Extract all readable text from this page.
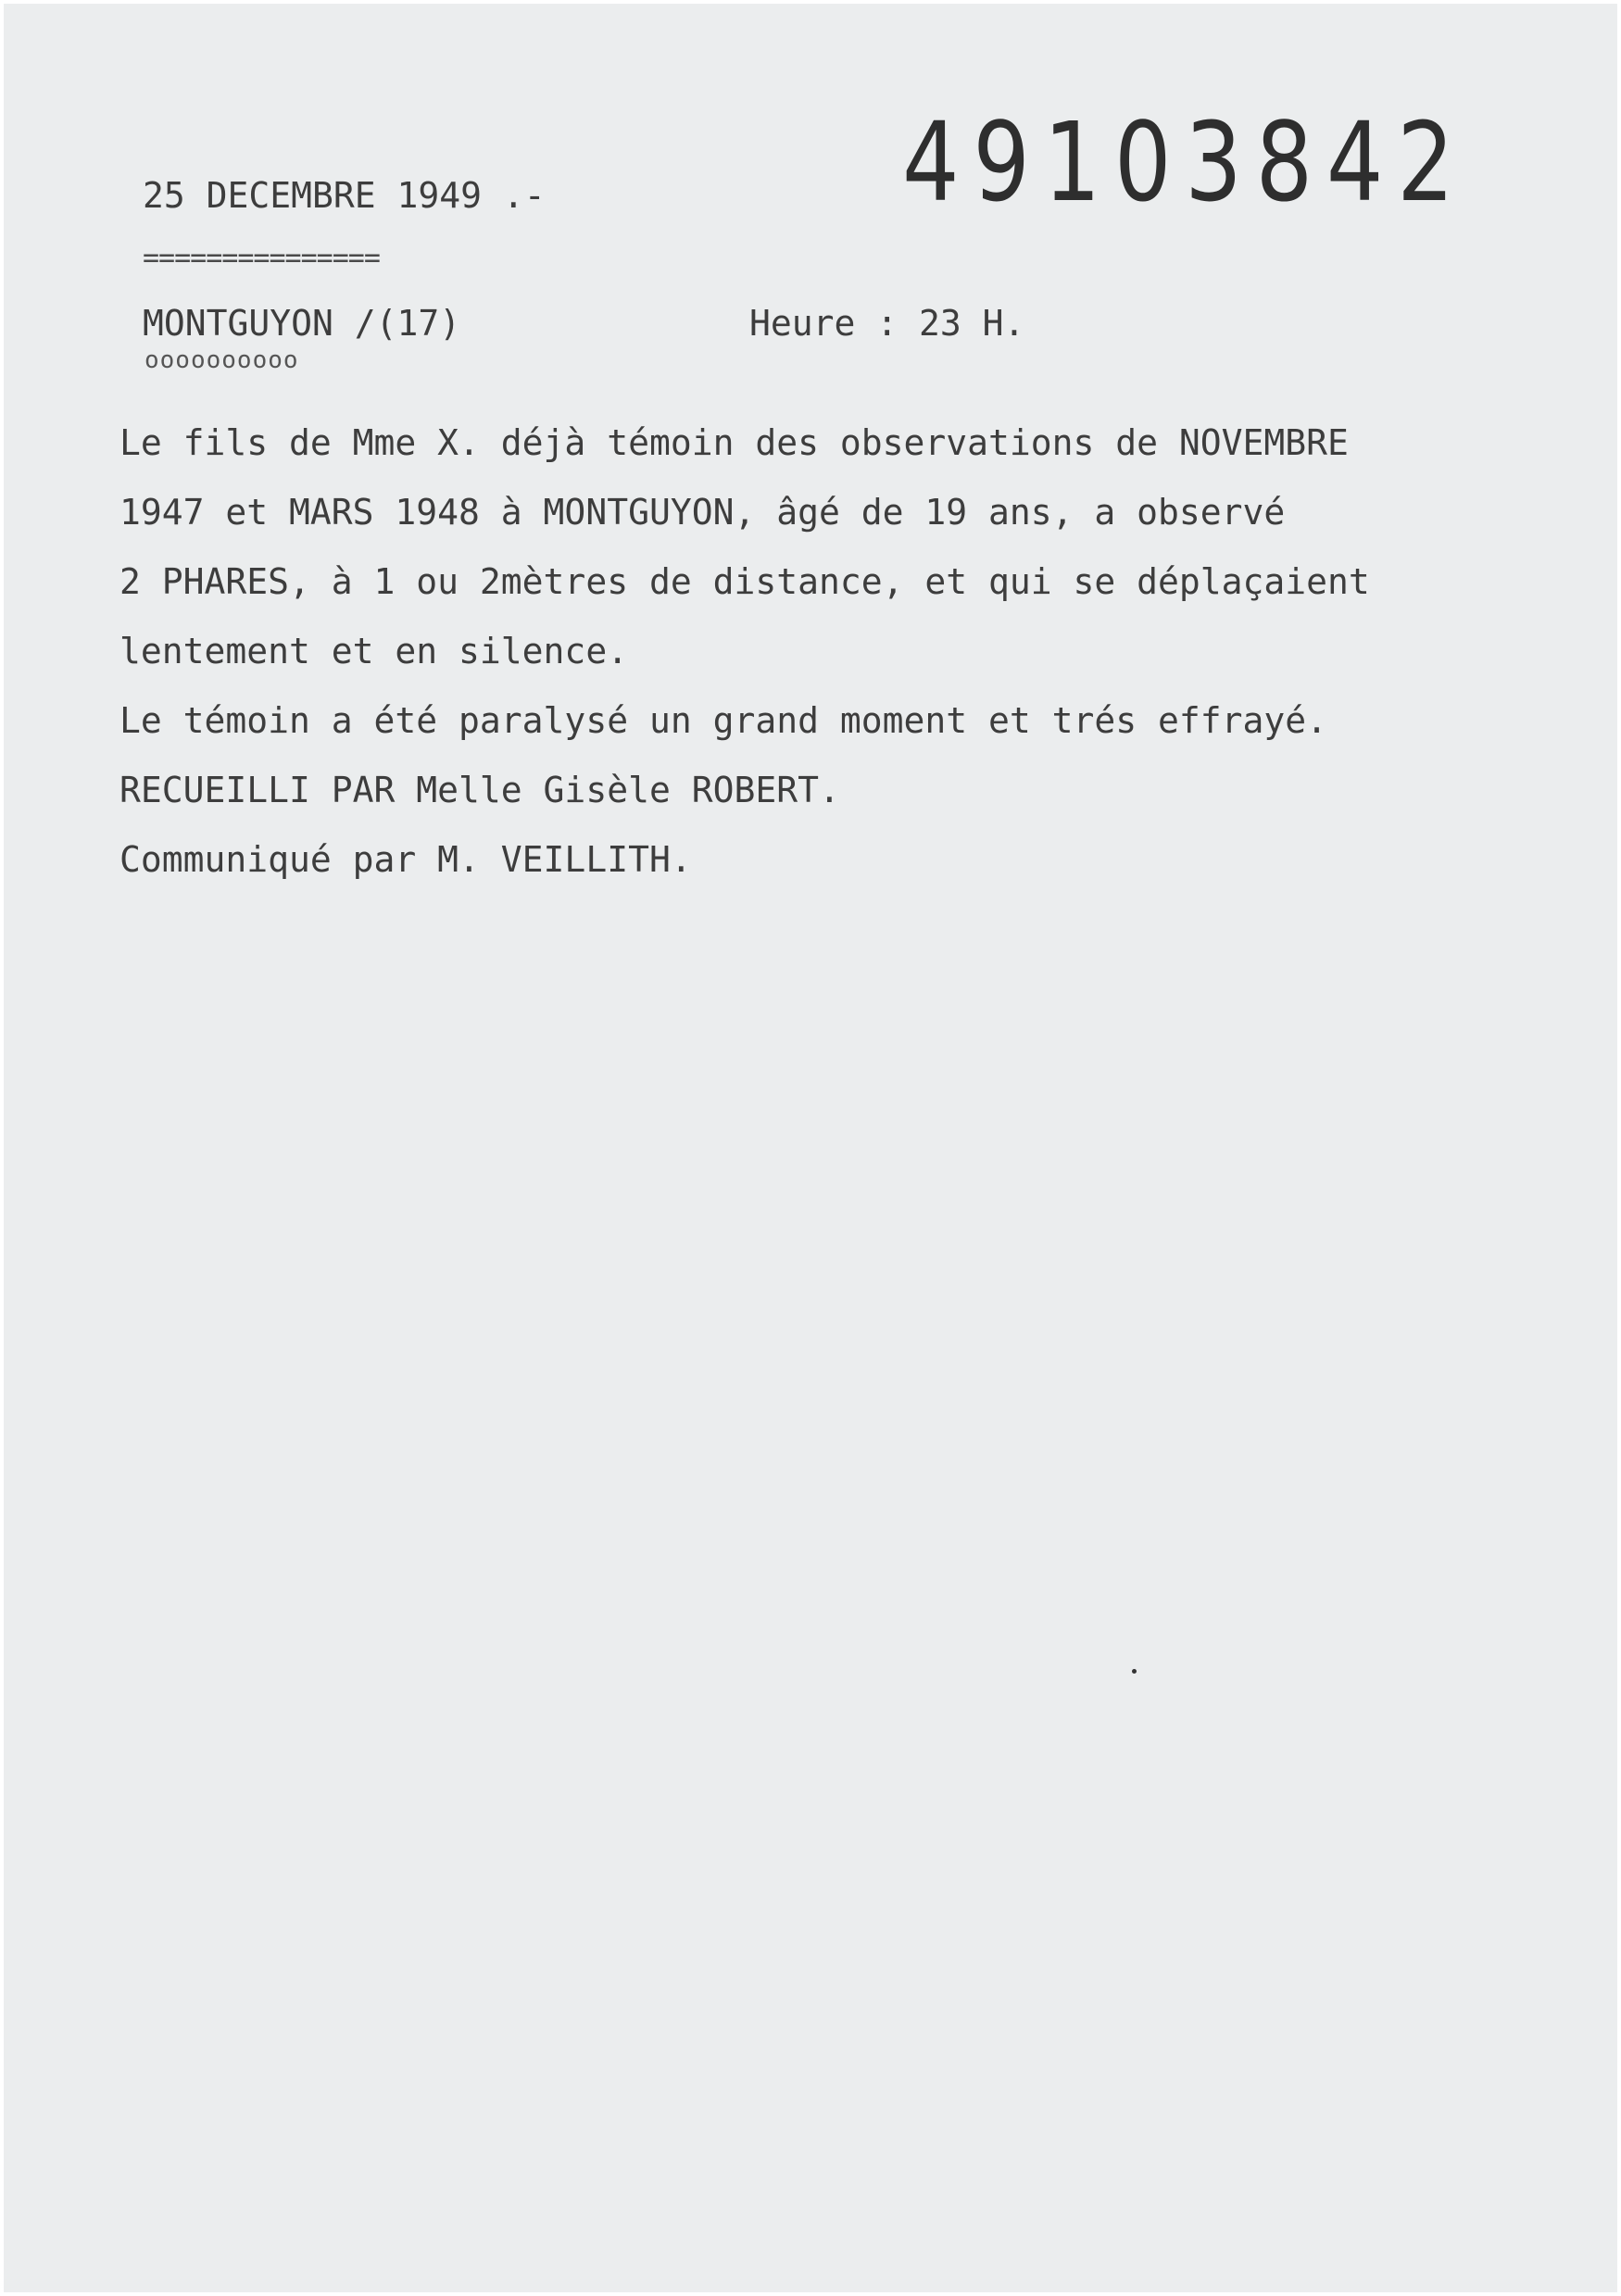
49103842
25 DECEMBRE 1949 .-
===============
MONTGUYON /(17)	Heure : 23 H.
oooooooooo
Le fils de Mme X. déjà témoin des observations de NOVEMBRE
1947 et MARS 1948 à MONTGUYON, âgé de 19 ans, a observé
2 PHARES, à 1 ou 2mètres de distance, et qui se déplaçaient
lentement et en silence.
Le témoin a été paralysé un grand moment et trés effrayé.
RECUEILLI PAR Melle Gisèle ROBERT.
Communiqué par M. VEILLITH.
